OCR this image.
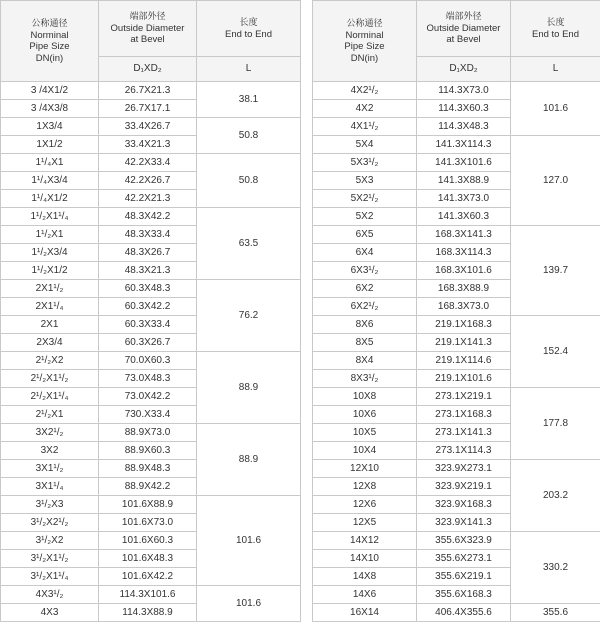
公称通径
Norminal
Pipe Size
DN(in)	端部外径
Outside Diameter
at Bevel	长度
End to End

	D₁XD₂	L
3 /4X1/2	26.7X21.3	38.1
3 /4X3/8	26.7X17.1	
1X3/4	33.4X26.7	50.8
1X1/2	33.4X21.3	
1¹/₄X1	42.2X33.4	50.8
1¹/₄X3/4	42.2X26.7	
1¹/₄X1/2	42.2X21.3	
1¹/₂X1¹/₄	48.3X42.2	63.5
1¹/₂X1	48.3X33.4	
1¹/₂X3/4	48.3X26.7	
1¹/₂X1/2	48.3X21.3	
2X1¹/₂	60.3X48.3	76.2
2X1¹/₄	60.3X42.2	
2X1	60.3X33.4	
2X3/4	60.3X26.7	
2¹/₂X2	70.0X60.3	88.9
2¹/₂X1¹/₂	73.0X48.3	
2¹/₂X1¹/₄	73.0X42.2	
2¹/₂X1	730.X33.4	
3X2¹/₂	88.9X73.0	88.9
3X2	88.9X60.3	
3X1¹/₂	88.9X48.3	
3X1¹/₄	88.9X42.2	
3¹/₂X3	101.6X88.9	101.6
3¹/₂X2¹/₂	101.6X73.0	
3¹/₂X2	101.6X60.3	
3¹/₂X1¹/₂	101.6X48.3	
3¹/₂X1¹/₄	101.6X42.2	
4X3¹/₂	114.3X101.6	101.6
4X3	114.3X88.9	
公称通径
Norminal
Pipe Size
DN(in)	端部外径
Outside Diameter
at Bevel	长度
End to End

	D₁XD₂	L
4X2¹/₂	114.3X73.0	101.6
4X2	114.3X60.3	
4X1¹/₂	114.3X48.3	
5X4	141.3X114.3	127.0
5X3¹/₂	141.3X101.6	
5X3	141.3X88.9	
5X2¹/₂	141.3X73.0	
5X2	141.3X60.3	
6X5	168.3X141.3	139.7
6X4	168.3X114.3	
6X3¹/₂	168.3X101.6	
6X2	168.3X88.9	
6X2¹/₂	168.3X73.0	
8X6	219.1X168.3	152.4
8X5	219.1X141.3	
8X4	219.1X114.6	
8X3¹/₂	219.1X101.6	
10X8	273.1X219.1	177.8
10X6	273.1X168.3	
10X5	273.1X141.3	
10X4	273.1X114.3	
12X10	323.9X273.1	203.2
12X8	323.9X219.1	
12X6	323.9X168.3	
12X5	323.9X141.3	
14X12	355.6X323.9	330.2
14X10	355.6X273.1	
14X8	355.6X219.1	
14X6	355.6X168.3	
16X14	406.4X355.6	355.6
